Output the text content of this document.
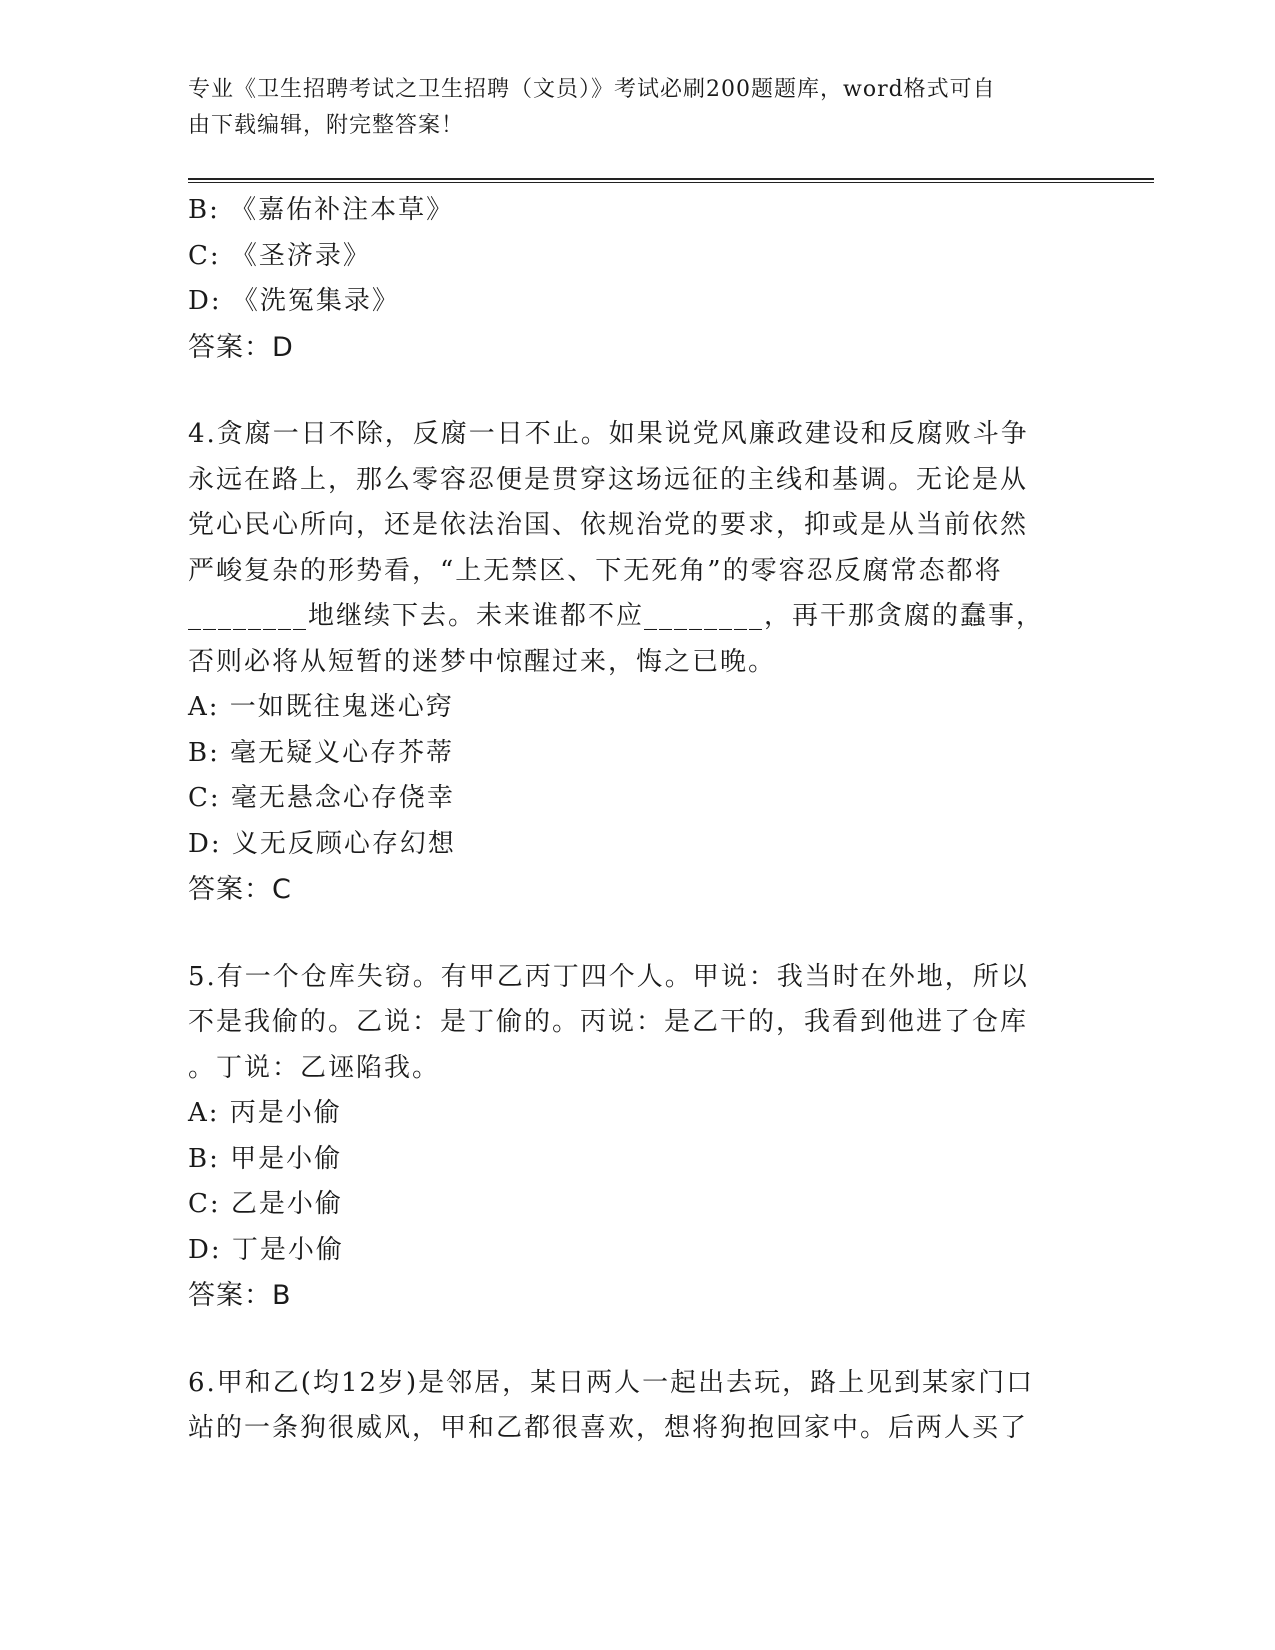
专业《卫生招聘考试之卫生招聘（文员）》考试必刷200题题库，word格式可自
由下载编辑，附完整答案！
B: 《嘉佑补注本草》
C: 《圣济录》
D: 《洗冤集录》
答案：D
4.贪腐一日不除，反腐一日不止。如果说党风廉政建设和反腐败斗争
永远在路上，那么零容忍便是贯穿这场远征的主线和基调。无论是从
党心民心所向，还是依法治国、依规治党的要求，抑或是从当前依然
严峻复杂的形势看，“上无禁区、下无死角”的零容忍反腐常态都将
________地继续下去。未来谁都不应________，再干那贪腐的蠢事，
否则必将从短暂的迷梦中惊醒过来，悔之已晚。
A: 一如既往鬼迷心窍
B: 毫无疑义心存芥蒂
C: 毫无悬念心存侥幸
D: 义无反顾心存幻想
答案：C
5.有一个仓库失窃。有甲乙丙丁四个人。甲说：我当时在外地，所以
不是我偷的。乙说：是丁偷的。丙说：是乙干的，我看到他进了仓库
。丁说：乙诬陷我。
A: 丙是小偷
B: 甲是小偷
C: 乙是小偷
D: 丁是小偷
答案：B
6.甲和乙(均12岁)是邻居，某日两人一起出去玩，路上见到某家门口
站的一条狗很威风，甲和乙都很喜欢，想将狗抱回家中。后两人买了
